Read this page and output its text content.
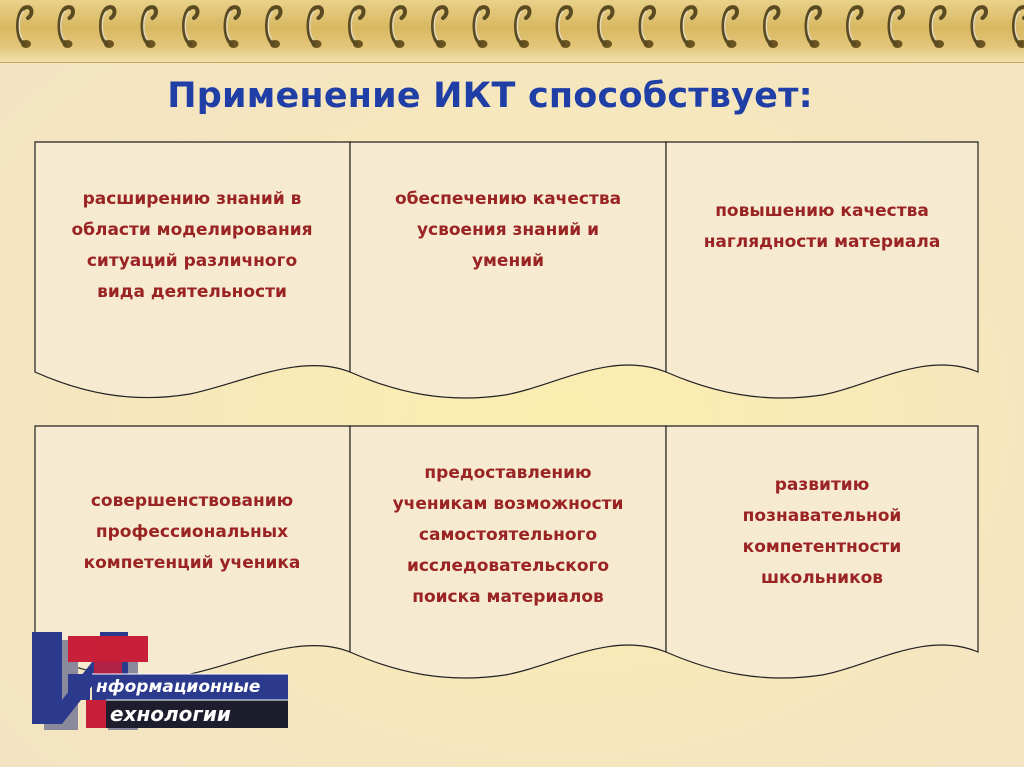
Применение ИКТ способствует:
расширению знаний в
области моделирования
ситуаций различного
вида деятельности
обеспечению качества
усвоения знаний и
умений
повышению качества
наглядности материала
совершенствованию
профессиональных
компетенций ученика
предоставлению
ученикам возможности
самостоятельного
исследовательского
поиска материалов
развитию
познавательной
компетентности
школьников
нформационные
ехнологии
